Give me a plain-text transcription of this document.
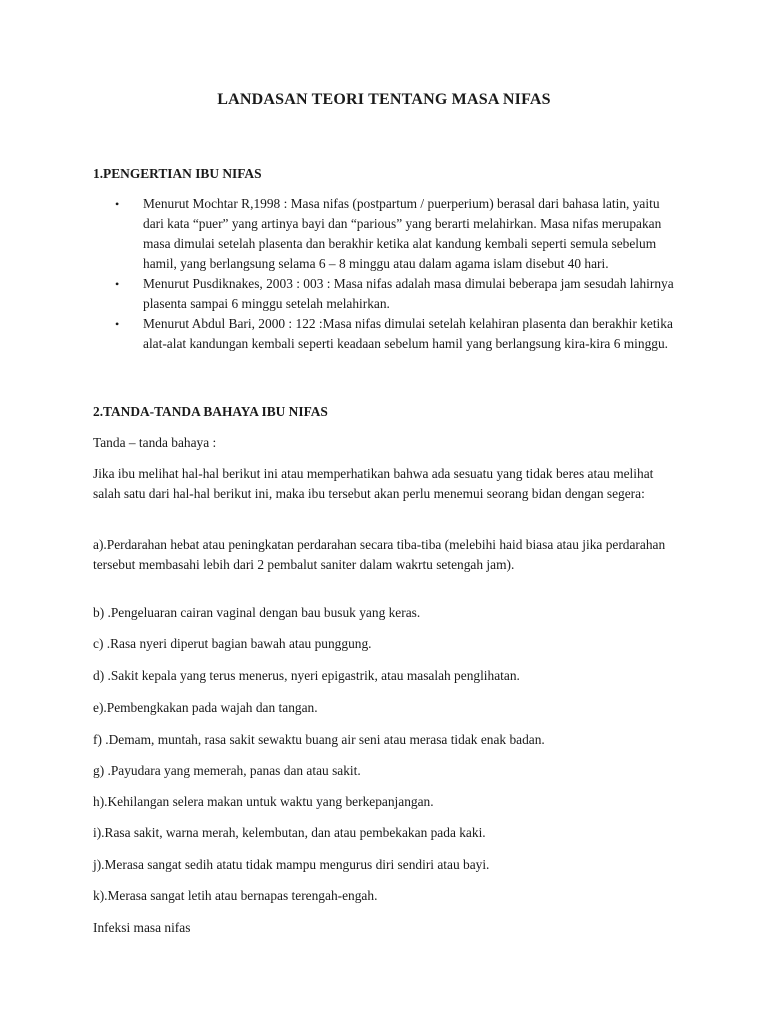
LANDASAN TEORI TENTANG MASA NIFAS
1.PENGERTIAN IBU NIFAS
• Menurut Mochtar R,1998 : Masa nifas (postpartum / puerperium) berasal dari bahasa latin, yaitu dari kata “puer” yang artinya bayi dan “parious” yang berarti melahirkan. Masa nifas merupakan masa dimulai setelah plasenta dan berakhir ketika alat kandung kembali seperti semula sebelum hamil, yang berlangsung selama 6 – 8 minggu atau dalam agama islam disebut 40 hari.
• Menurut Pusdiknakes, 2003 : 003 : Masa nifas adalah masa dimulai beberapa jam sesudah lahirnya plasenta sampai 6 minggu setelah melahirkan.
• Menurut Abdul Bari, 2000 : 122 :Masa nifas dimulai setelah kelahiran plasenta dan berakhir ketika alat-alat kandungan kembali seperti keadaan sebelum hamil yang berlangsung kira-kira 6 minggu.
2.TANDA-TANDA BAHAYA IBU NIFAS

Tanda – tanda bahaya :

Jika ibu melihat hal-hal berikut ini atau memperhatikan bahwa ada sesuatu yang tidak beres atau melihat salah satu dari hal-hal berikut ini, maka ibu tersebut akan perlu menemui seorang bidan dengan segera:

a).Perdarahan hebat atau peningkatan perdarahan secara tiba-tiba (melebihi haid biasa atau jika perdarahan tersebut membasahi lebih dari 2 pembalut saniter dalam wakrtu setengah jam).

b) .Pengeluaran cairan vaginal dengan bau busuk yang keras.

c) .Rasa nyeri diperut bagian bawah atau punggung.

d) .Sakit kepala yang terus menerus, nyeri epigastrik, atau masalah penglihatan.

e).Pembengkakan pada wajah dan tangan.

f) .Demam, muntah, rasa sakit sewaktu buang air seni atau merasa tidak enak badan.

g) .Payudara yang memerah, panas dan atau sakit.

h).Kehilangan selera makan untuk waktu yang berkepanjangan.

i).Rasa sakit, warna merah, kelembutan, dan atau pembekakan pada kaki.

j).Merasa sangat sedih atatu tidak mampu mengurus diri sendiri atau bayi.

k).Merasa sangat letih atau bernapas terengah-engah.

Infeksi masa nifas
